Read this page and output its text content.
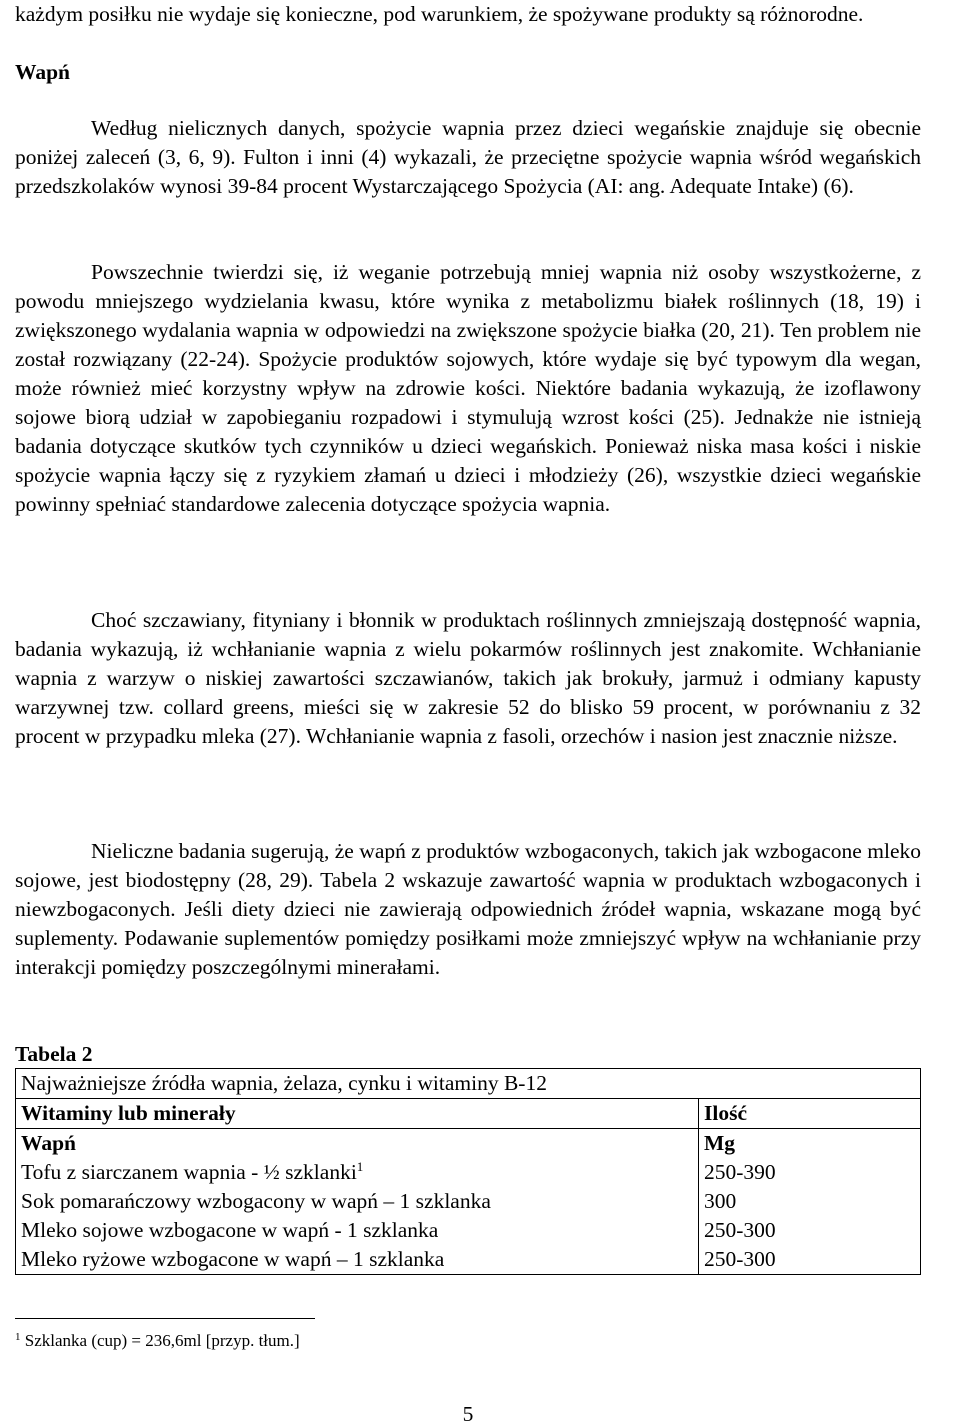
każdym posiłku nie wydaje się konieczne, pod warunkiem, że spożywane produkty są różnorodne.

Wapń

Według nielicznych danych, spożycie wapnia przez dzieci wegańskie znajduje się obecnie poniżej zaleceń (3, 6, 9). Fulton i inni (4) wykazali, że przeciętne spożycie wapnia wśród wegańskich przedszkolaków wynosi 39-84 procent Wystarczającego Spożycia (AI: ang. Adequate Intake) (6).

Powszechnie twierdzi się, iż weganie potrzebują mniej wapnia niż osoby wszystkożerne, z powodu mniejszego wydzielania kwasu, które wynika z metabolizmu białek roślinnych (18, 19) i zwiększonego wydalania wapnia w odpowiedzi na zwiększone spożycie białka (20, 21). Ten problem nie został rozwiązany (22-24). Spożycie produktów sojowych, które wydaje się być typowym dla wegan, może również mieć korzystny wpływ na zdrowie kości. Niektóre badania wykazują, że izoflawony sojowe biorą udział w zapobieganiu rozpadowi i stymulują wzrost kości (25). Jednakże nie istnieją badania dotyczące skutków tych czynników u dzieci wegańskich. Ponieważ niska masa kości i niskie spożycie wapnia łączy się z ryzykiem złamań u dzieci i młodzieży (26), wszystkie dzieci wegańskie powinny spełniać standardowe zalecenia dotyczące spożycia wapnia.

Choć szczawiany, fityniany i błonnik w produktach roślinnych zmniejszają dostępność wapnia, badania wykazują, iż wchłanianie wapnia z wielu pokarmów roślinnych jest znakomite. Wchłanianie wapnia z warzyw o niskiej zawartości szczawianów, takich jak brokuły, jarmuż i odmiany kapusty warzywnej tzw. collard greens, mieści się w zakresie 52 do blisko 59 procent, w porównaniu z 32 procent w przypadku mleka (27). Wchłanianie wapnia z fasoli, orzechów i nasion jest znacznie niższe.

Nieliczne badania sugerują, że wapń z produktów wzbogaconych, takich jak wzbogacone mleko sojowe, jest biodostępny (28, 29). Tabela 2 wskazuje zawartość wapnia w produktach wzbogaconych i niewzbogaconych. Jeśli diety dzieci nie zawierają odpowiednich źródeł wapnia, wskazane mogą być suplementy. Podawanie suplementów pomiędzy posiłkami może zmniejszyć wpływ na wchłanianie przy interakcji pomiędzy poszczególnymi minerałami.

Tabela 2
Najważniejsze źródła wapnia, żelaza, cynku i witaminy B-12	
Witaminy lub minerały	Ilość
Wapń	Mg
Tofu z siarczanem wapnia - ½ szklanki$^1$	250-390
Sok pomarańczowy wzbogacony w wapń – 1 szklanka	300
Mleko sojowe wzbogacone w wapń - 1 szklanka	250-300
Mleko ryżowe wzbogacone w wapń – 1 szklanka	250-300
$^1$ Szklanka (cup) = 236,6ml [przyp. tłum.]
5
